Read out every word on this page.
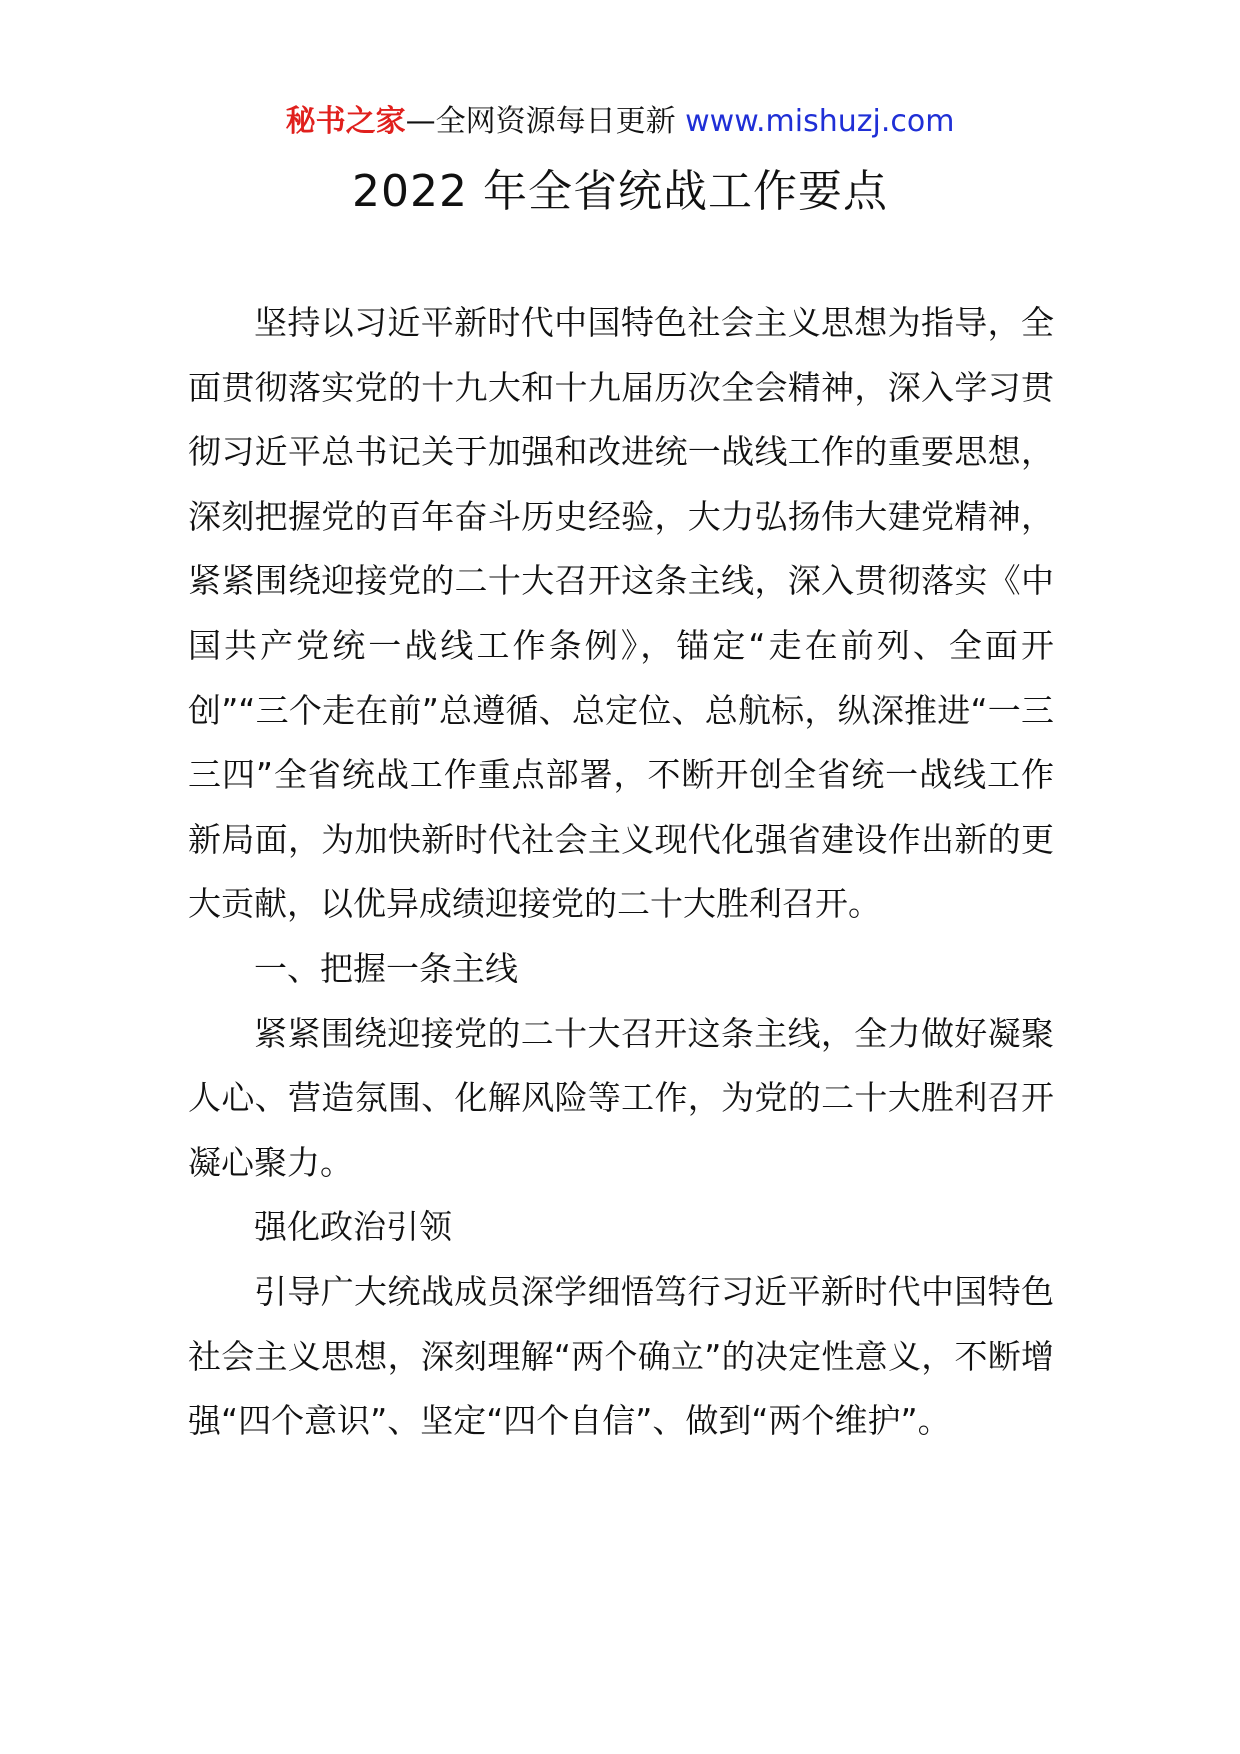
秘书之家—全网资源每日更新 www.mishuzj.com
2022 年全省统战工作要点

坚持以习近平新时代中国特色社会主义思想为指导，全面贯彻落实党的十九大和十九届历次全会精神，深入学习贯彻习近平总书记关于加强和改进统一战线工作的重要思想，深刻把握党的百年奋斗历史经验，大力弘扬伟大建党精神，紧紧围绕迎接党的二十大召开这条主线，深入贯彻落实《中国共产党统一战线工作条例》，锚定“走在前列、全面开创”“三个走在前”总遵循、总定位、总航标，纵深推进“一三三四”全省统战工作重点部署，不断开创全省统一战线工作新局面，为加快新时代社会主义现代化强省建设作出新的更大贡献，以优异成绩迎接党的二十大胜利召开。

一、把握一条主线

紧紧围绕迎接党的二十大召开这条主线，全力做好凝聚人心、营造氛围、化解风险等工作，为党的二十大胜利召开凝心聚力。

强化政治引领

引导广大统战成员深学细悟笃行习近平新时代中国特色社会主义思想，深刻理解“两个确立”的决定性意义，不断增强“四个意识”、坚定“四个自信”、做到“两个维护”。
